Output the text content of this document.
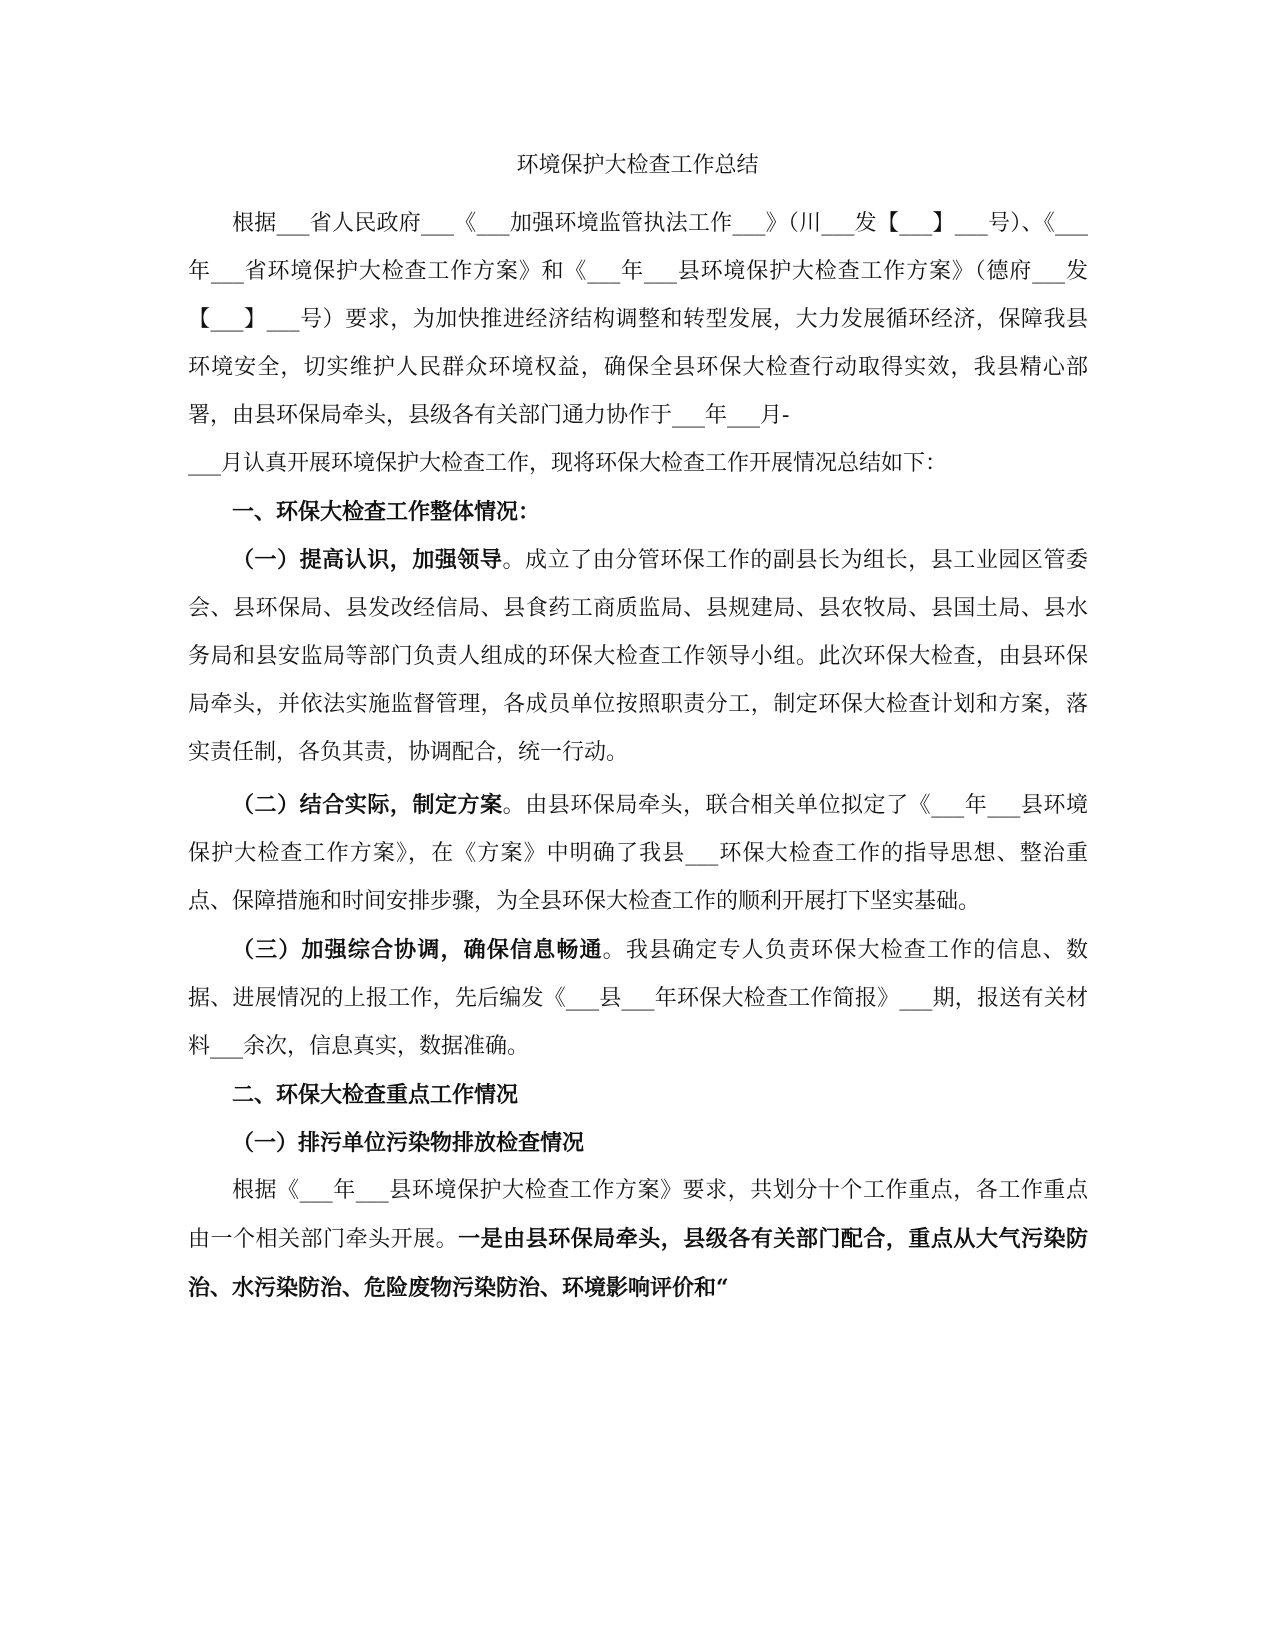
环境保护大检查工作总结

根据___省人民政府___《___加强环境监管执法工作___》（川___发【___】___号）、《___年___省环境保护大检查工作方案》和《___年___县环境保护大检查工作方案》（德府___发【___】___号）要求，为加快推进经济结构调整和转型发展，大力发展循环经济，保障我县环境安全，切实维护人民群众环境权益，确保全县环保大检查行动取得实效，我县精心部署，由县环保局牵头，县级各有关部门通力协作于___年___月-

___月认真开展环境保护大检查工作，现将环保大检查工作开展情况总结如下：

一、环保大检查工作整体情况：

（一）提高认识，加强领导。成立了由分管环保工作的副县长为组长，县工业园区管委会、县环保局、县发改经信局、县食药工商质监局、县规建局、县农牧局、县国土局、县水务局和县安监局等部门负责人组成的环保大检查工作领导小组。此次环保大检查，由县环保局牵头，并依法实施监督管理，各成员单位按照职责分工，制定环保大检查计划和方案，落实责任制，各负其责，协调配合，统一行动。

（二）结合实际，制定方案。由县环保局牵头，联合相关单位拟定了《___年___县环境保护大检查工作方案》，在《方案》中明确了我县___环保大检查工作的指导思想、整治重点、保障措施和时间安排步骤，为全县环保大检查工作的顺利开展打下坚实基础。

（三）加强综合协调，确保信息畅通。我县确定专人负责环保大检查工作的信息、数据、进展情况的上报工作，先后编发《___县___年环保大检查工作简报》___期，报送有关材料___余次，信息真实，数据准确。

二、环保大检查重点工作情况

（一）排污单位污染物排放检查情况

根据《___年___县环境保护大检查工作方案》要求，共划分十个工作重点，各工作重点由一个相关部门牵头开展。一是由县环保局牵头，县级各有关部门配合，重点从大气污染防治、水污染防治、危险废物污染防治、环境影响评价和“
